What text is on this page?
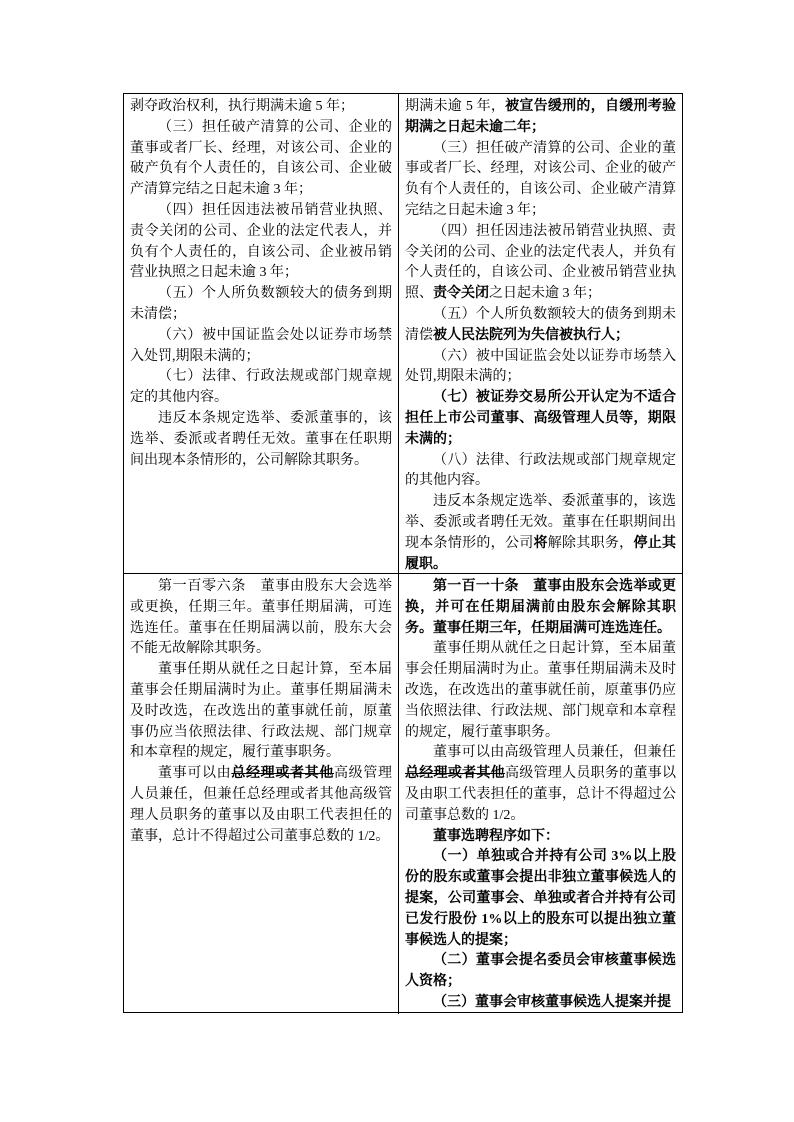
剥夺政治权利，执行期满未逾 5 年；

（三）担任破产清算的公司、企业的董事或者厂长、经理，对该公司、企业的破产负有个人责任的，自该公司、企业破产清算完结之日起未逾 3 年；

（四）担任因违法被吊销营业执照、责令关闭的公司、企业的法定代表人，并负有个人责任的，自该公司、企业被吊销营业执照之日起未逾 3 年；

（五）个人所负数额较大的债务到期未清偿；

（六）被中国证监会处以证券市场禁入处罚,期限未满的；

（七）法律、行政法规或部门规章规定的其他内容。

违反本条规定选举、委派董事的，该选举、委派或者聘任无效。董事在任职期间出现本条情形的，公司解除其职务。

期满未逾 5 年，被宣告缓刑的，自缓刑考验期满之日起未逾二年；

（三）担任破产清算的公司、企业的董事或者厂长、经理，对该公司、企业的破产负有个人责任的，自该公司、企业破产清算完结之日起未逾 3 年；

（四）担任因违法被吊销营业执照、责令关闭的公司、企业的法定代表人，并负有个人责任的，自该公司、企业被吊销营业执照、责令关闭之日起未逾 3 年；

（五）个人所负数额较大的债务到期未清偿被人民法院列为失信被执行人；

（六）被中国证监会处以证券市场禁入处罚,期限未满的；

（七）被证券交易所公开认定为不适合担任上市公司董事、高级管理人员等，期限未满的；

（八）法律、行政法规或部门规章规定的其他内容。

违反本条规定选举、委派董事的，该选举、委派或者聘任无效。董事在任职期间出现本条情形的，公司将解除其职务，停止其履职。

第一百零六条　董事由股东大会选举或更换，任期三年。董事任期届满，可连选连任。董事在任期届满以前，股东大会不能无故解除其职务。

董事任期从就任之日起计算，至本届董事会任期届满时为止。董事任期届满未及时改选，在改选出的董事就任前，原董事仍应当依照法律、行政法规、部门规章和本章程的规定，履行董事职务。

董事可以由总经理或者其他高级管理人员兼任，但兼任总经理或者其他高级管理人员职务的董事以及由职工代表担任的董事，总计不得超过公司董事总数的 1/2。

第一百一十条　董事由股东会选举或更换，并可在任期届满前由股东会解除其职务。董事任期三年，任期届满可连选连任。

董事任期从就任之日起计算，至本届董事会任期届满时为止。董事任期届满未及时改选，在改选出的董事就任前，原董事仍应当依照法律、行政法规、部门规章和本章程的规定，履行董事职务。

董事可以由高级管理人员兼任，但兼任总经理或者其他高级管理人员职务的董事以及由职工代表担任的董事，总计不得超过公司董事总数的 1/2。

董事选聘程序如下：

（一）单独或合并持有公司 3%以上股份的股东或董事会提出非独立董事候选人的提案，公司董事会、单独或者合并持有公司已发行股份 1%以上的股东可以提出独立董事候选人的提案；

（二）董事会提名委员会审核董事候选人资格；

（三）董事会审核董事候选人提案并提
